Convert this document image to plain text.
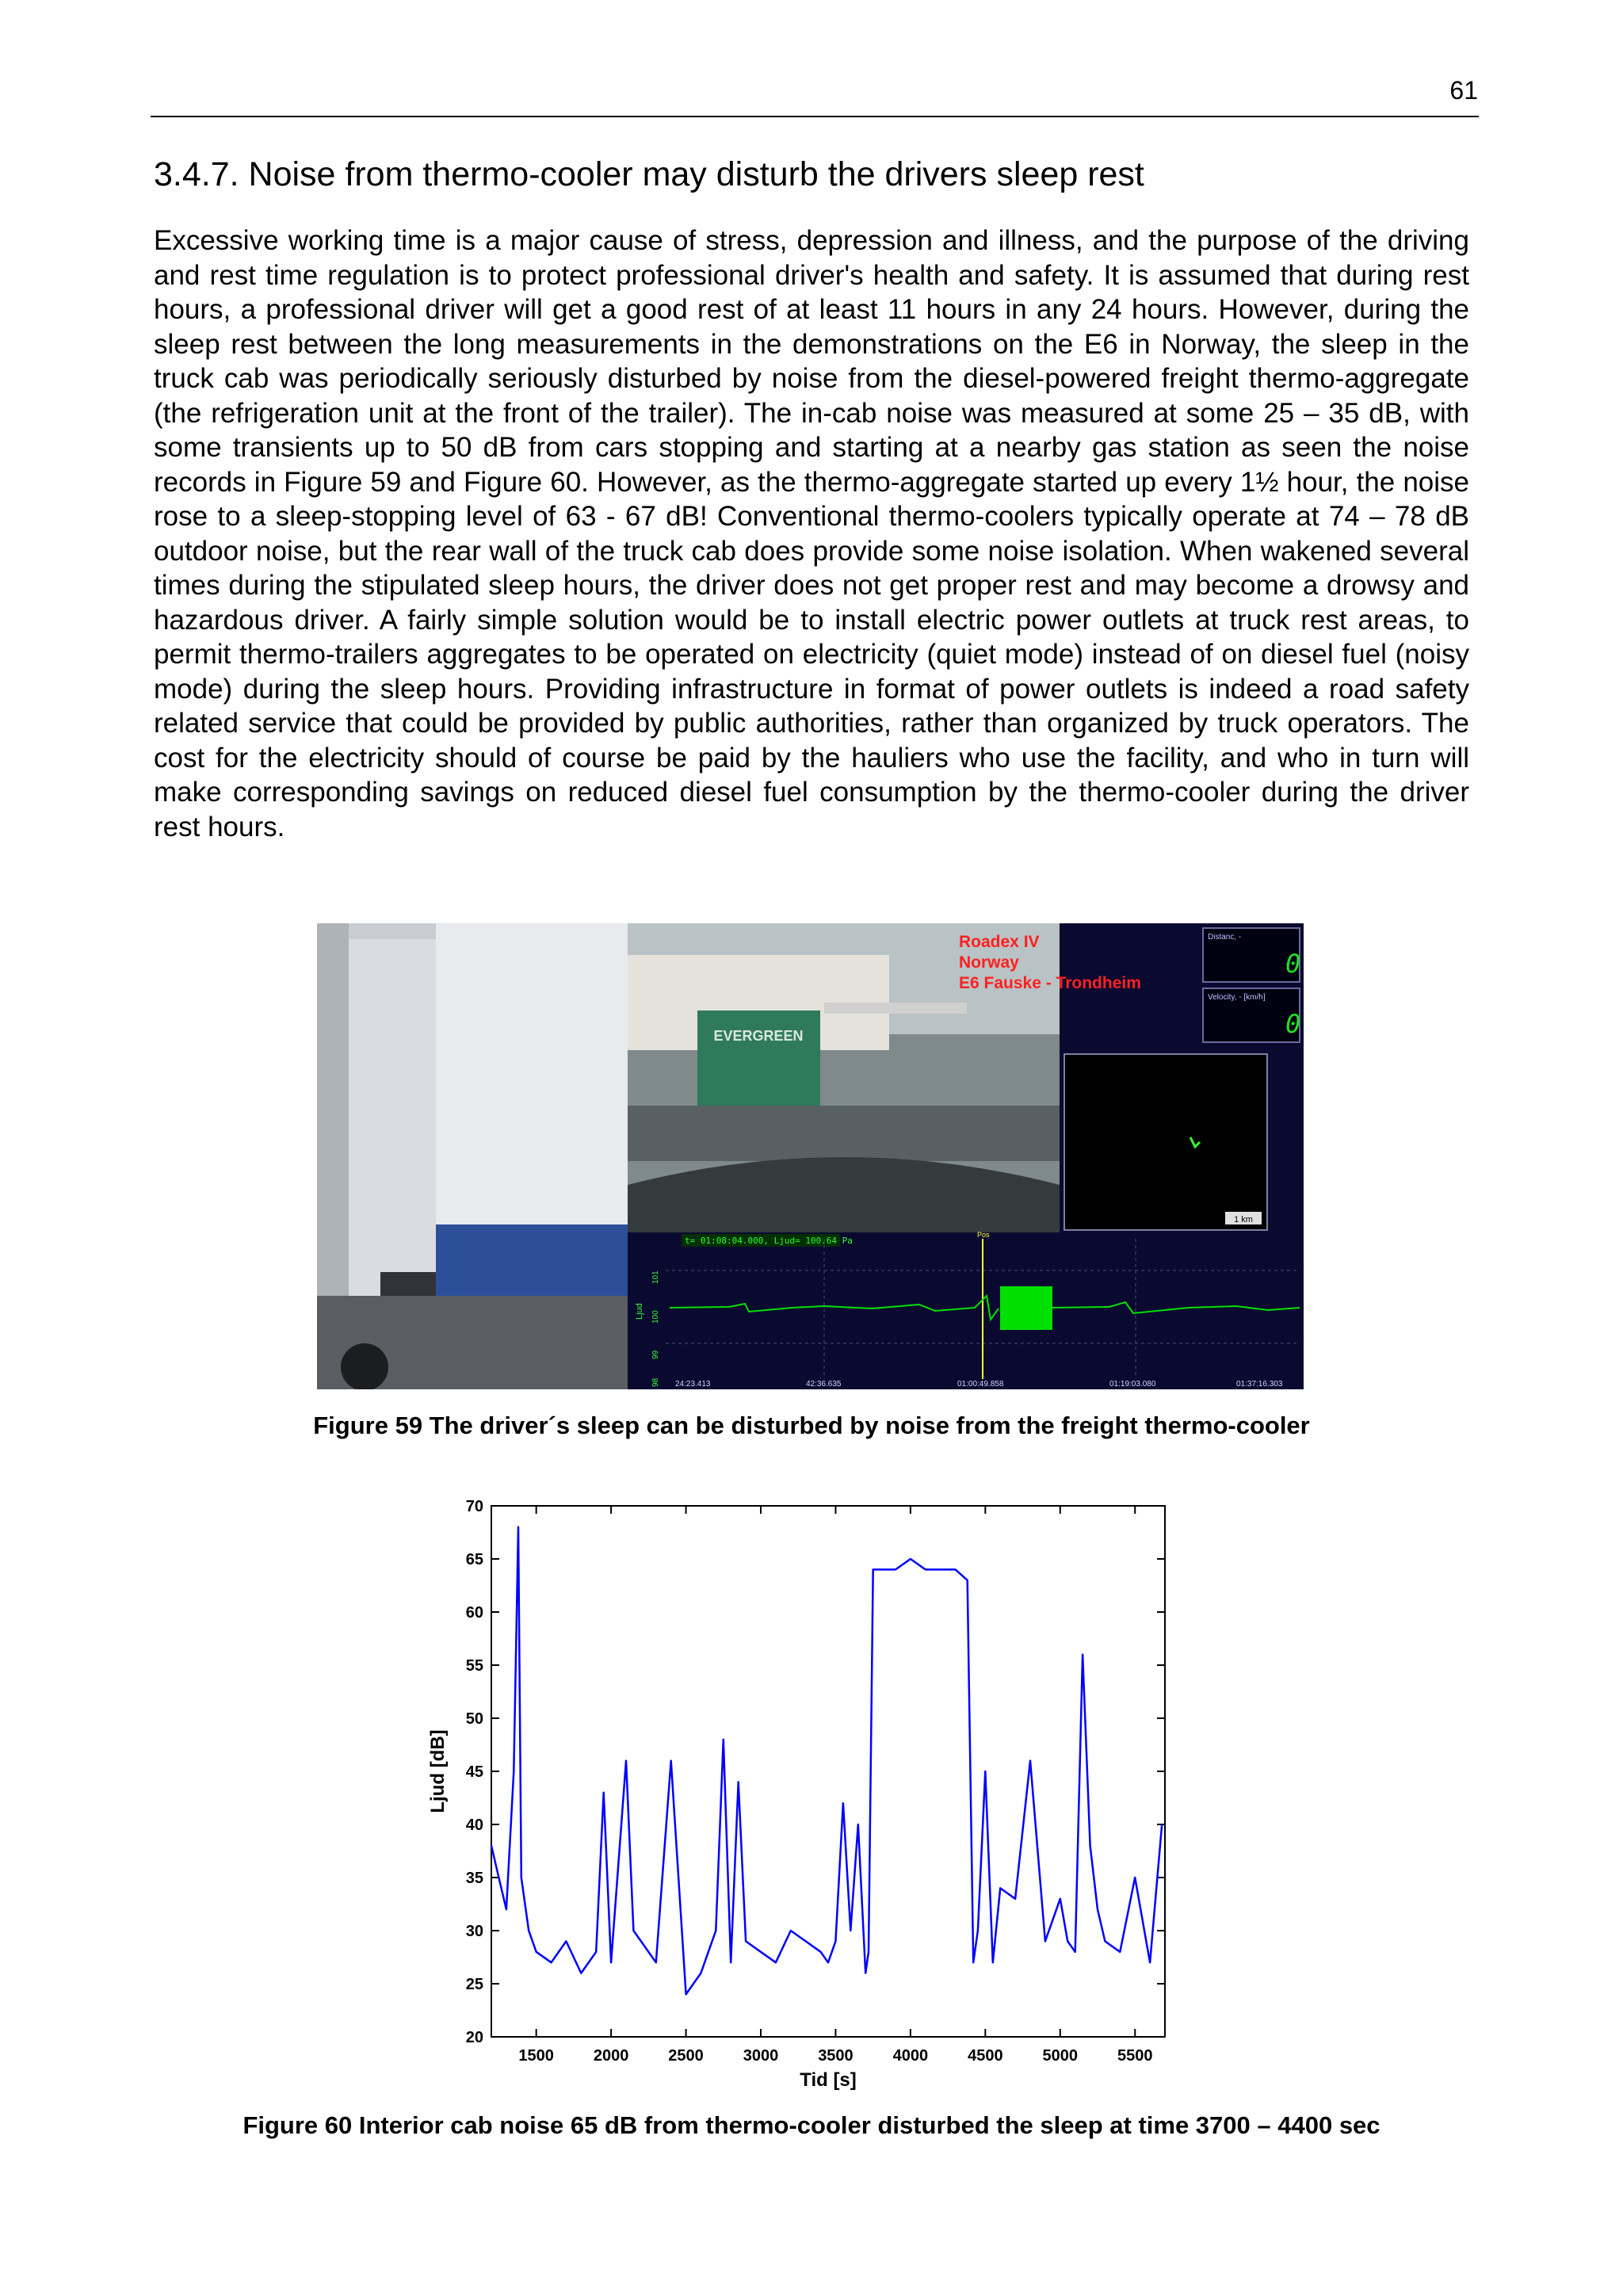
61
3.4.7. Noise from thermo-cooler may disturb the drivers sleep rest

Excessive working time is a major cause of stress, depression and illness, and the purpose of the driving and rest time regulation is to protect professional driver's health and safety. It is assumed that during rest hours, a professional driver will get a good rest of at least 11 hours in any 24 hours. However, during the sleep rest between the long measurements in the demonstrations on the E6 in Norway, the sleep in the truck cab was periodically seriously disturbed by noise from the diesel-powered freight thermo-aggregate (the refrigeration unit at the front of the trailer). The in-cab noise was measured at some 25 – 35 dB, with some transients up to 50 dB from cars stopping and starting at a nearby gas station as seen the noise records in Figure 59 and Figure 60. However, as the thermo-aggregate started up every 1½ hour, the noise rose to a sleep-stopping level of 63 - 67 dB! Conventional thermo-coolers typically operate at 74 – 78 dB outdoor noise, but the rear wall of the truck cab does provide some noise isolation. When wakened several times during the stipulated sleep hours, the driver does not get proper rest and may become a drowsy and hazardous driver. A fairly simple solution would be to install electric power outlets at truck rest areas, to permit thermo-trailers aggregates to be operated on electricity (quiet mode) instead of on diesel fuel (noisy mode) during the sleep hours. Providing infrastructure in format of power outlets is indeed a road safety related service that could be provided by public authorities, rather than organized by truck operators. The cost for the electricity should of course be paid by the hauliers who use the facility, and who in turn will make corresponding savings on reduced diesel fuel consumption by the thermo-cooler during the driver rest hours.

EVERGREEN
Roadex IV
Norway
E6 Fauske - Trondheim
Distanc, -
0
Velocity, - [km/h]
0
1 km
t= 01:08:04.000, Ljud= 100.64 Pa
Ljud
101
100
99
98
Pos
24:23.413	42:36.635	01:00:49.858	01:19:03.080	01:37:16.303
Figure 59 The driver´s sleep can be disturbed by noise from the freight thermo-cooler
1500 2000 2500 3000 3500 4000 4500 5000 5500
20
25
30
35
40
45
50
55
60
65
70
Tid [s]
Ljud [dB]
Figure 60 Interior cab noise 65 dB from thermo-cooler disturbed the sleep at time 3700 – 4400 sec
